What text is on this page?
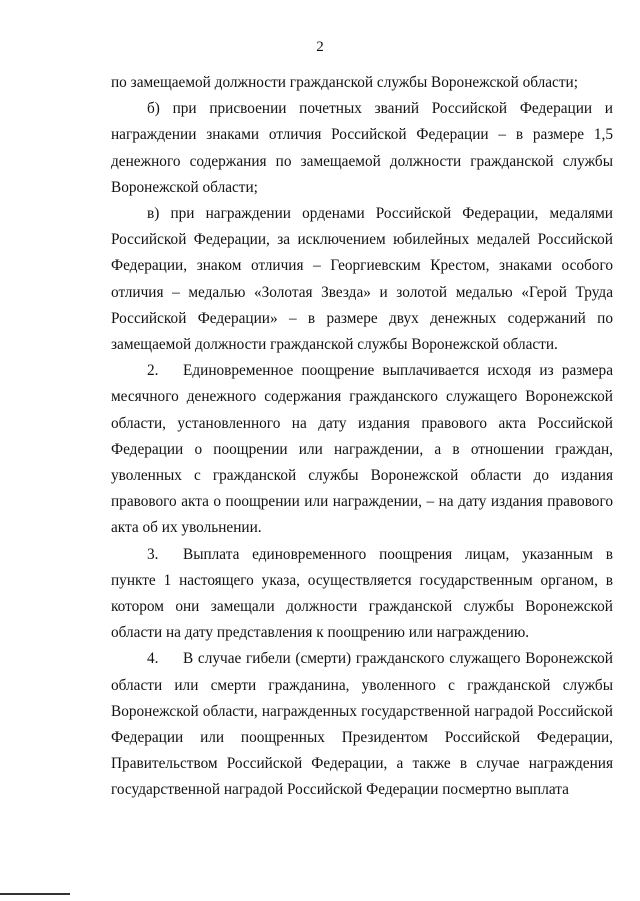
2

по замещаемой должности гражданской службы Воронежской области;

б) при присвоении почетных званий Российской Федерации и награждении знаками отличия Российской Федерации – в размере 1,5 денежного содержания по замещаемой должности гражданской службы Воронежской области;

в) при награждении орденами Российской Федерации, медалями Российской Федерации, за исключением юбилейных медалей Российской Федерации, знаком отличия – Георгиевским Крестом, знаками особого отличия – медалью «Золотая Звезда» и золотой медалью «Герой Труда Российской Федерации» – в размере двух денежных содержаний по замещаемой должности гражданской службы Воронежской области.

2. Единовременное поощрение выплачивается исходя из размера месячного денежного содержания гражданского служащего Воронежской области, установленного на дату издания правового акта Российской Федерации о поощрении или награждении, а в отношении граждан, уволенных с гражданской службы Воронежской области до издания правового акта о поощрении или награждении, – на дату издания правового акта об их увольнении.

3. Выплата единовременного поощрения лицам, указанным в пункте 1 настоящего указа, осуществляется государственным органом, в котором они замещали должности гражданской службы Воронежской области на дату представления к поощрению или награждению.

4. В случае гибели (смерти) гражданского служащего Воронежской области или смерти гражданина, уволенного с гражданской службы Воронежской области, награжденных государственной наградой Российской Федерации или поощренных Президентом Российской Федерации, Правительством Российской Федерации, а также в случае награждения государственной наградой Российской Федерации посмертно выплата
